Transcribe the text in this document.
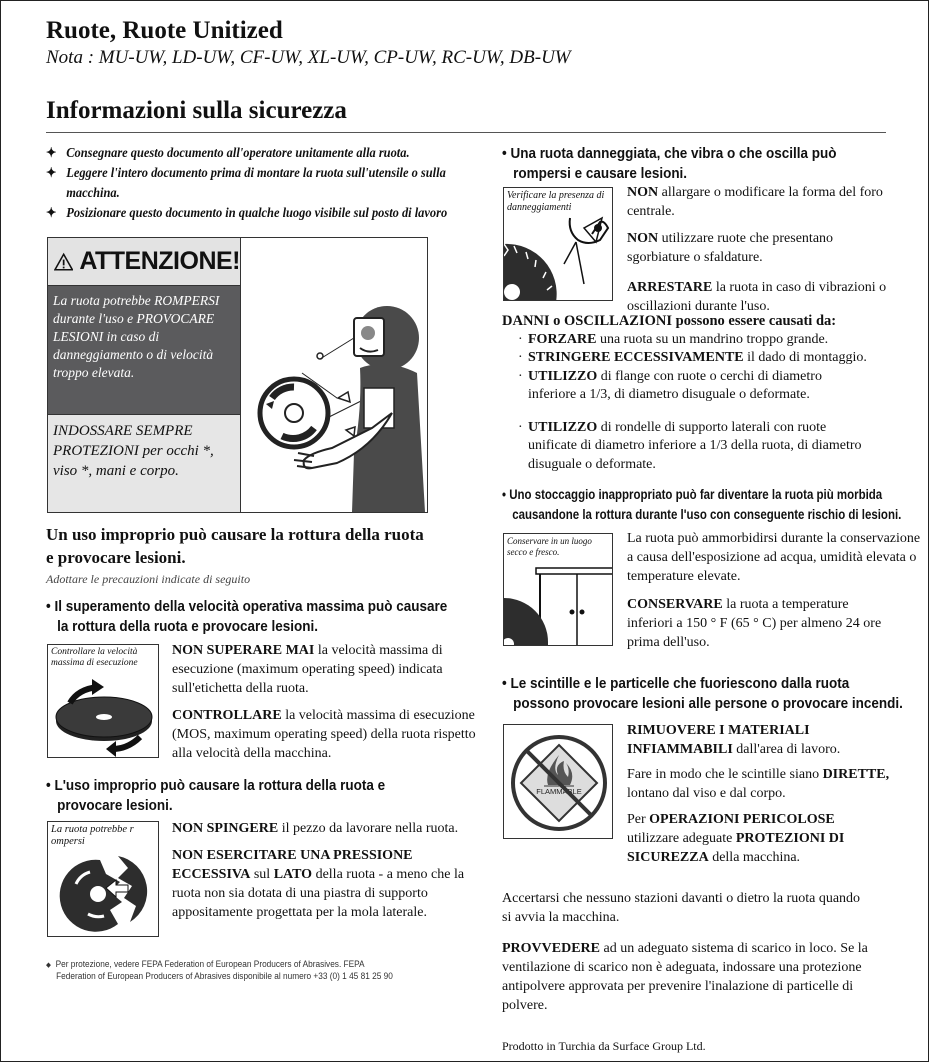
Ruote, Ruote Unitized
Nota : MU-UW, LD-UW, CF-UW, XL-UW, CP-UW, RC-UW, DB-UW
Informazioni sulla sicurezza
✦ Consegnare questo documento all'operatore unitamente alla ruota.
✦ Leggere l'intero documento prima di montare la ruota sull'utensile o sulla macchina.
✦ Posizionare questo documento in qualche luogo visibile sul posto di lavoro
ATTENZIONE!
La ruota potrebbe ROMPERSI durante l'uso e PROVOCARE LESIONI in caso di danneggiamento o di velocità troppo elevata.
INDOSSARE SEMPRE PROTEZIONI per occhi *, viso *, mani e corpo.
Un uso improprio può causare la rottura della ruota
e provocare lesioni.
Adottare le precauzioni indicate di seguito
• Il superamento della velocità operativa massima può causare
la rottura della ruota e provocare lesioni.
Controllare la velocità massima di esecuzione

NON SUPERARE MAI la velocità massima di esecuzione (maximum operating speed) indicata sull'etichetta della ruota.

CONTROLLARE la velocità massima di esecuzione (MOS, maximum operating speed) della ruota rispetto alla velocità della macchina.

• L'uso improprio può causare la rottura della ruota e
provocare lesioni.
La ruota potrebbe r ompersi

NON SPINGERE il pezzo da lavorare nella ruota.

NON ESERCITARE UNA PRESSIONE ECCESSIVA sul LATO della ruota - a meno che la ruota non sia dotata di una piastra di supporto appositamente progettata per la mola laterale.

◆ Per protezione, vedere FEPA Federation of European Producers of Abrasives. FEPA
Federation of European Producers of Abrasives disponibile al numero +33 (0) 1 45 81 25 90
• Una ruota danneggiata, che vibra o che oscilla può
rompersi e causare lesioni.
Verificare la presenza di danneggiamenti

NON allargare o modificare la forma del foro centrale.

NON utilizzare ruote che presentano sgorbiature o sfaldature.

ARRESTARE la ruota in caso di vibrazioni o oscillazioni durante l'uso.

DANNI o OSCILLAZIONI possono essere causati da:
· FORZARE una ruota su un mandrino troppo grande.
· STRINGERE ECCESSIVAMENTE il dado di montaggio.
· UTILIZZO di flange con ruote o cerchi di diametro inferiore a 1/3, di diametro disuguale o deformate.
· UTILIZZO di rondelle di supporto laterali con ruote unificate di diametro inferiore a 1/3 della ruota, di diametro disuguale o deformate.
• Uno stoccaggio inappropriato può far diventare la ruota più morbida
causandone la rottura durante l'uso con conseguente rischio di lesioni.
Conservare in un luogo secco e fresco.

La ruota può ammorbidirsi durante la conservazione a causa dell'esposizione ad acqua, umidità elevata o temperature elevate.

CONSERVARE la ruota a temperature inferiori a 150 ° F (65 ° C) per almeno 24 ore prima dell'uso.

• Le scintille e le particelle che fuoriescono dalla ruota
possono provocare lesioni alle persone o provocare incendi.
FLAMMABLE

RIMUOVERE I MATERIALI INFIAMMABILI dall'area di lavoro.

Fare in modo che le scintille siano DIRETTE, lontano dal viso e dal corpo.

Per OPERAZIONI PERICOLOSE utilizzare adeguate PROTEZIONI DI SICUREZZA della macchina.

Accertarsi che nessuno stazioni davanti o dietro la ruota quando si avvia la macchina.

PROVVEDERE ad un adeguato sistema di scarico in loco. Se la ventilazione di scarico non è adeguata, indossare una protezione antipolvere approvata per prevenire l'inalazione di particelle di polvere.

Prodotto in Turchia da Surface Group Ltd.
